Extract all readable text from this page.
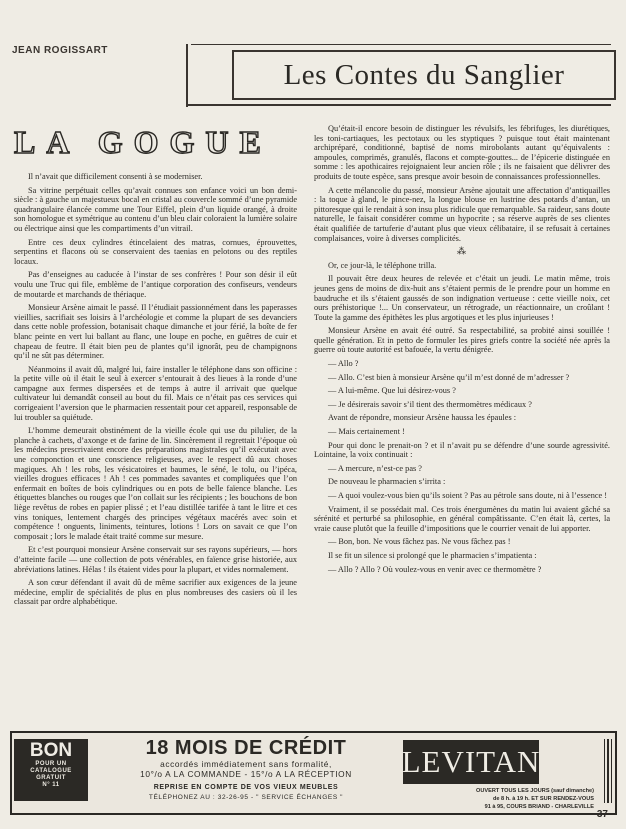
JEAN ROGISSART
Les Contes du Sanglier
LA GOGUE

Il n’avait que difficilement consenti à se moderniser.

Sa vitrine perpétuait celles qu’avait connues son enfance voici un bon demi-siècle : à gauche un majestueux bocal en cristal au couvercle sommé d’une pyramide quadrangulaire élancée comme une Tour Eiffel, plein d’un liquide orangé, à droite son homologue et symétrique au contenu d’un bleu clair coloraient la lumière solaire ou électrique ainsi que les compartiments d’un vitrail.

Entre ces deux cylindres étincelaient des matras, cornues, éprouvettes, serpentins et flacons où se conservaient des taenias en pelotons ou des reptiles locaux.

Pas d’enseignes au caducée à l’instar de ses confrères ! Pour son désir il eût voulu une Truc qui file, emblème de l’antique corporation des confiseurs, vendeurs de moutarde et marchands de thériaque.

Monsieur Arsène aimait le passé. Il l’étudiait passionnément dans les paperasses vieillies, sacrifiait ses loisirs à l’archéologie et comme la plupart de ses devanciers dans cette noble profession, botanisait chaque dimanche et jour férié, la boîte de fer blanc peinte en vert lui ballant au flanc, une loupe en poche, en guêtres de cuir et chapeau de feutre. Il était bien peu de plantes qu’il ignorât, peu de champignons qu’il ne sût pas déterminer.

Néanmoins il avait dû, malgré lui, faire installer le téléphone dans son officine : la petite ville où il était le seul à exercer s’entourait à des lieues à la ronde d’une campagne aux fermes dispersées et de temps à autre il arrivait que quelque cultivateur lui demandât conseil au bout du fil. Mais ce n’était pas ces services qui corrigeaient l’aversion que le pharmacien ressentait pour cet appareil, responsable de lui troubler sa quiétude.

L’homme demeurait obstinément de la vieille école qui use du pilulier, de la planche à cachets, d’axonge et de farine de lin. Sincèrement il regrettait l’époque où les médecins prescrivaient encore des préparations magistrales qu’il exécutait avec une componction et une conscience religieuses, avec le respect dû aux choses magiques. Ah ! les robs, les vésicatoires et baumes, le séné, le tolu, ou l’ipéca, vieilles drogues efficaces ! Ah ! ces pommades savantes et compliquées que l’on enfermait en boîtes de bois cylindriques ou en pots de belle faïence blanche. Les étiquettes blanches ou rouges que l’on collait sur les récipients ; les bouchons de bon liège revêtus de robes en papier plissé ; et l’eau distillée tarifée à tant le litre et ces vins toniques, lentement chargés des principes végétaux macérés avec soin et compétence ! onguents, liniments, teintures, lotions ! Lors on savait ce que l’on composait ; lors le malade était traité comme sur mesure.

Et c’est pourquoi monsieur Arsène conservait sur ses rayons supérieurs, — hors d’atteinte facile — une collection de pots vénérables, en faïence grise historiée, aux abréviations latines. Hélas ! ils étaient vides pour la plupart, et vides normalement.

A son cœur défendant il avait dû de même sacrifier aux exigences de la jeune médecine, emplir de spécialités de plus en plus nombreuses des casiers où il les classait par ordre alphabétique.

Qu’était-il encore besoin de distinguer les révulsifs, les fébrifuges, les diurétiques, les toni-cartiaques, les pectotaux ou les styptiques ? puisque tout était maintenant archipréparé, conditionné, baptisé de noms mirobolants autant qu’équivalents : ampoules, comprimés, granulés, flacons et compte-gouttes... de l’épicerie distinguée en somme : les apothicaires rejoignaient leur ancien rôle ; ils ne faisaient que délivrer des produits de toute espèce, sans presque avoir besoin de connaissances professionnelles.

A cette mélancolie du passé, monsieur Arsène ajoutait une affectation d’antiquailles : la toque à gland, le pince-nez, la longue blouse en lustrine des potards d’antan, un pittoresque qui le rendait à son insu plus ridicule que remarquable. Sa raideur, sans doute naturelle, le faisait considérer comme un hypocrite ; sa réserve auprès de ses clientes était qualifiée de tartuferie d’autant plus que vieux célibataire, il se refusait à certaines complaisances, voire à diverses complicités.

⁂

Or, ce jour-là, le téléphone trilla.

Il pouvait être deux heures de relevée et c’était un jeudi. Le matin même, trois jeunes gens de moins de dix-huit ans s’étaient permis de le prendre pour un homme en baudruche et ils s’étaient gaussés de son indignation vertueuse : cette vieille noix, cet ours préhistorique !... Un conservateur, un rétrograde, un réactionnaire, un croûlant ! Toute la gamme des épithètes les plus argotiques et les plus injurieuses !

Monsieur Arsène en avait été outré. Sa respectabilité, sa probité ainsi souillée ! quelle génération. Et in petto de formuler les pires griefs contre la société née après la guerre où toute autorité est bafouée, la vertu dénigrée.

— Allo ?

— Allo. C’est bien à monsieur Arsène qu’il m’est donné de m’adresser ?

— A lui-même. Que lui désirez-vous ?

— Je désirerais savoir s’il tient des thermomètres médicaux ?

Avant de répondre, monsieur Arsène haussa les épaules :

— Mais certainement !

Pour qui donc le prenait-on ? et il n’avait pu se défendre d’une sourde agressivité. Lointaine, la voix continuait :

— A mercure, n’est-ce pas ?

De nouveau le pharmacien s’irrita :

— A quoi voulez-vous bien qu’ils soient ? Pas au pétrole sans doute, ni à l’essence !

Vraiment, il se possédait mal. Ces trois énergumènes du matin lui avaient gâché sa sérénité et perturbé sa philosophie, en général compâtissante. C’en était là, certes, la vraie cause plutôt que la feuille d’impositions que le courrier venait de lui apporter.

— Bon, bon. Ne vous fâchez pas. Ne vous fâchez pas !

Il se fit un silence si prolongé que le pharmacien s’impatienta :

— Allo ? Allo ? Où voulez-vous en venir avec ce thermomètre ?

BON
POUR UN
CATALOGUE
GRATUIT
N° 11
18 MOIS DE CRÉDIT
accordés immédiatement sans formalité,
10°/o A LA COMMANDE - 15°/o A LA RÉCEPTION
REPRISE EN COMPTE DE VOS VIEUX MEUBLES
TÉLÉPHONEZ AU : 32-26-95 - " SERVICE ÉCHANGES "
LEVITAN
OUVERT TOUS LES JOURS (sauf dimanche)
de 8 h. à 19 h. ET SUR RENDEZ-VOUS
91 à 95, COURS BRIAND - CHARLEVILLE
37
